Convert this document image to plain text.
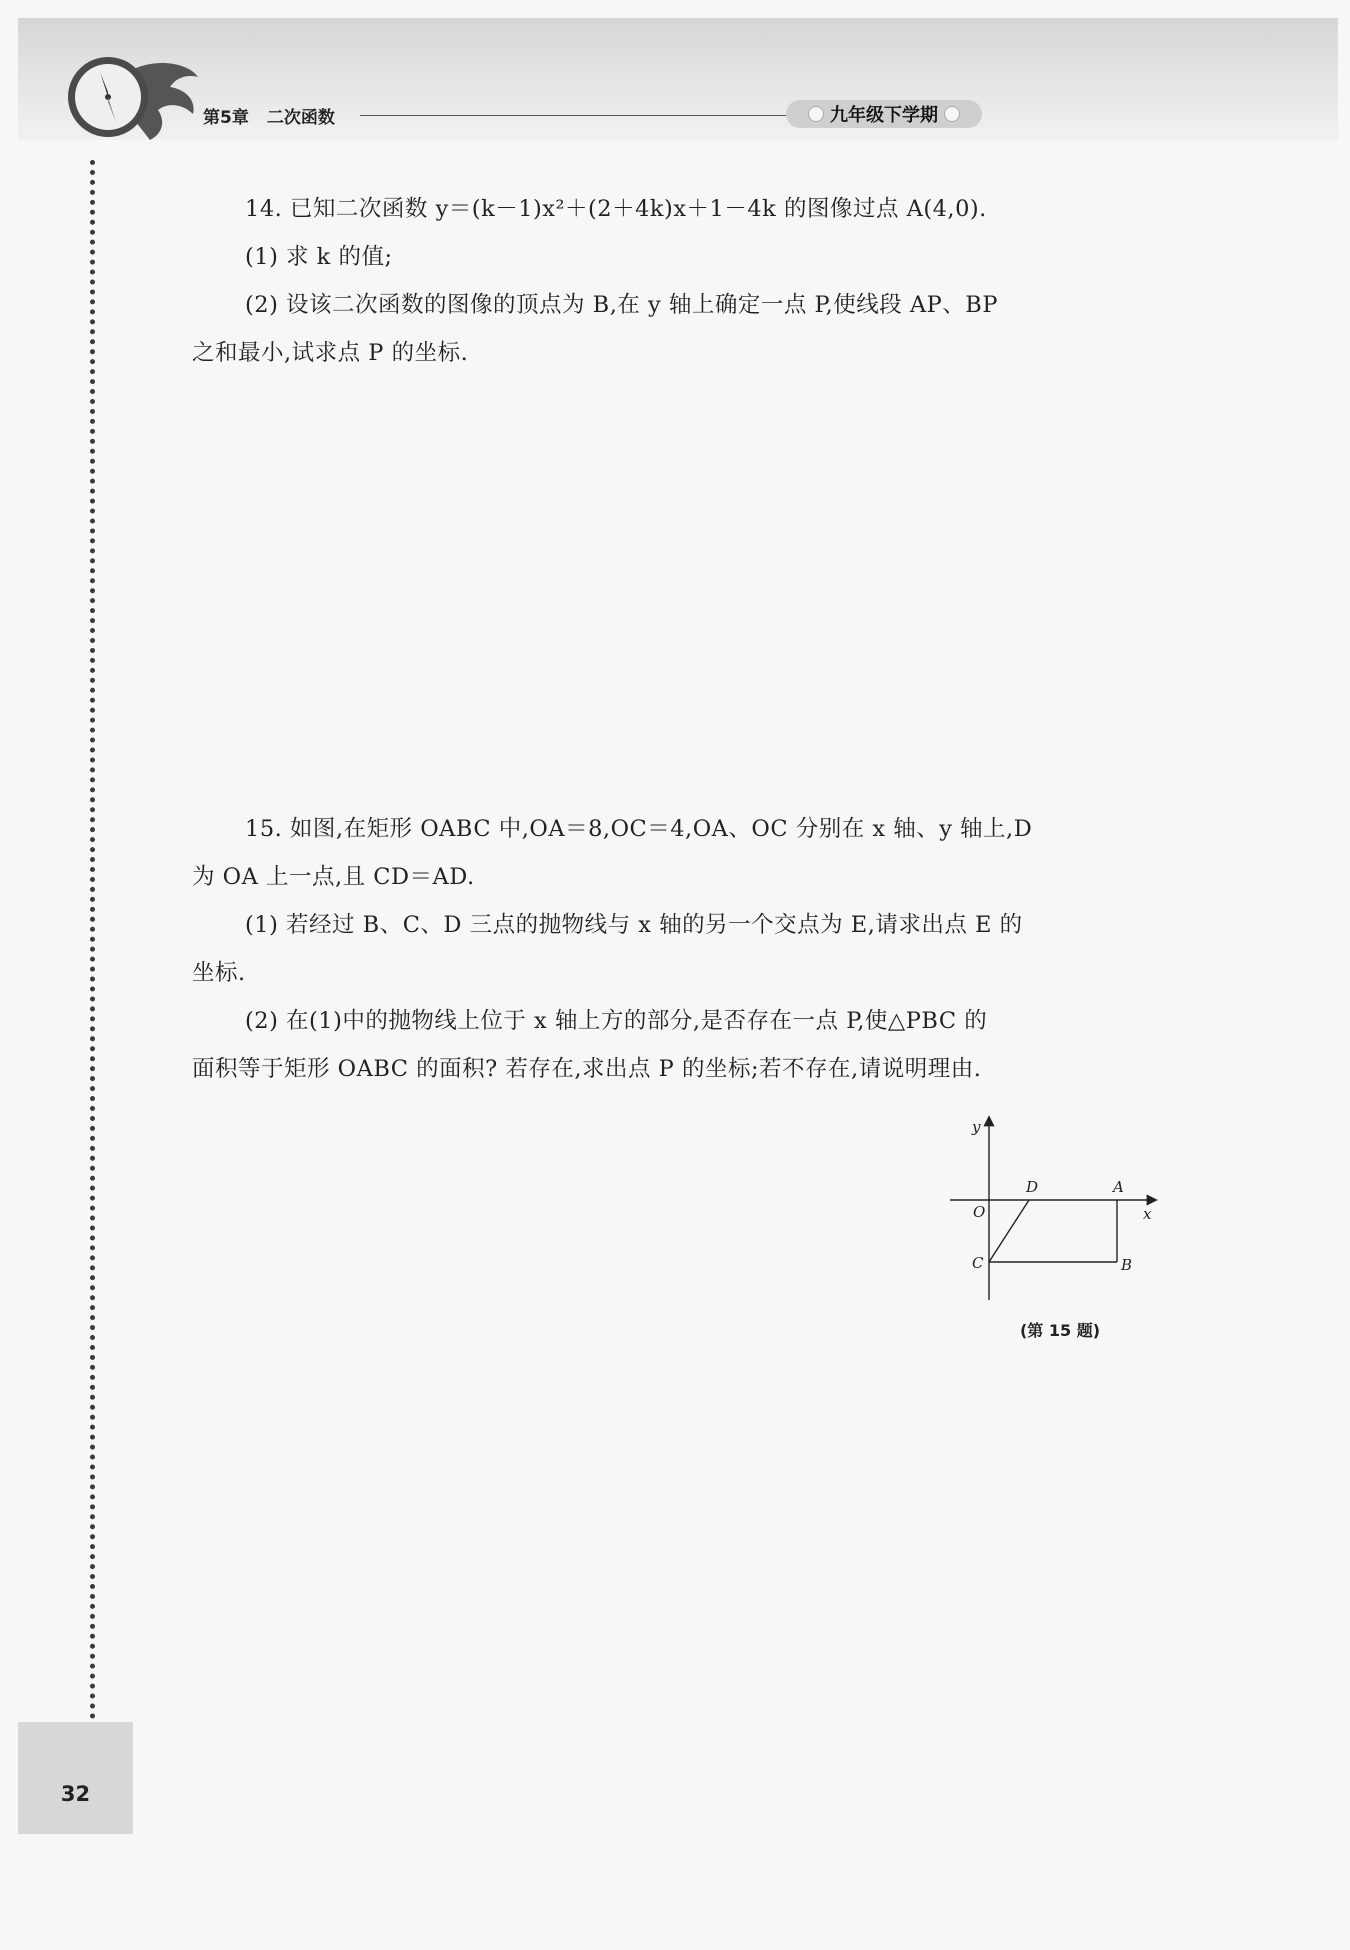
第5章 二次函数	九年级下学期
14. 已知二次函数 y＝(k－1)x²＋(2＋4k)x＋1－4k 的图像过点 A(4,0).
(1) 求 k 的值;
(2) 设该二次函数的图像的顶点为 B,在 y 轴上确定一点 P,使线段 AP、BP
之和最小,试求点 P 的坐标.
15. 如图,在矩形 OABC 中,OA＝8,OC＝4,OA、OC 分别在 x 轴、y 轴上,D
为 OA 上一点,且 CD＝AD.
(1) 若经过 B、C、D 三点的抛物线与 x 轴的另一个交点为 E,请求出点 E 的
坐标.
(2) 在(1)中的抛物线上位于 x 轴上方的部分,是否存在一点 P,使△PBC 的
面积等于矩形 OABC 的面积? 若存在,求出点 P 的坐标;若不存在,请说明理由.
y
x
O
D	A
C	B
(第 15 题)
32
